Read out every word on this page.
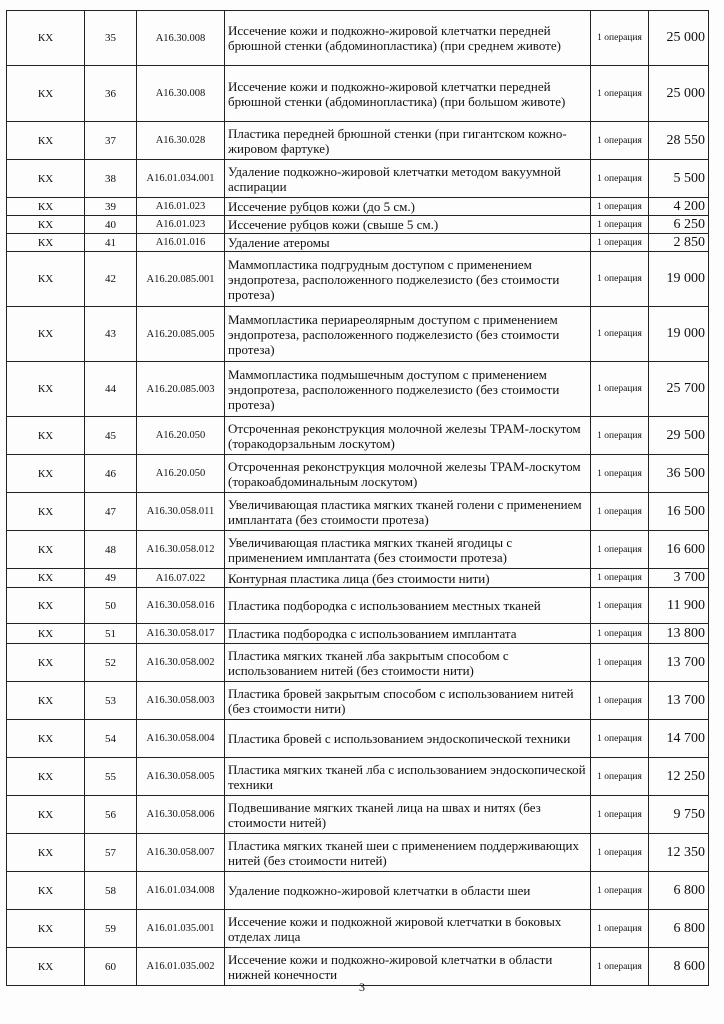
КХ	35	A16.30.008	Иссечение кожи и подкожно-жировой клетчатки передней брюшной стенки (абдоминопластика) (при среднем животе)	1 операция	25 000
КХ	36	A16.30.008	Иссечение кожи и подкожно-жировой клетчатки передней брюшной стенки (абдоминопластика) (при большом животе)	1 операция	25 000
КХ	37	A16.30.028	Пластика передней брюшной стенки (при гигантском кожно-жировом фартуке)	1 операция	28 550
КХ	38	A16.01.034.001	Удаление подкожно-жировой клетчатки методом вакуумной аспирации	1 операция	5 500
КХ	39	A16.01.023	Иссечение рубцов кожи (до 5 см.)	1 операция	4 200
КХ	40	A16.01.023	Иссечение рубцов кожи (свыше 5 см.)	1 операция	6 250
КХ	41	A16.01.016	Удаление атеромы	1 операция	2 850
КХ	42	A16.20.085.001	Маммопластика подгрудным доступом с применением эндопротеза, расположенного поджелезисто (без стоимости протеза)	1 операция	19 000
КХ	43	A16.20.085.005	Маммопластика периареолярным доступом с применением эндопротеза, расположенного поджелезисто (без стоимости протеза)	1 операция	19 000
КХ	44	A16.20.085.003	Маммопластика подмышечным доступом с применением эндопротеза, расположенного поджелезисто (без стоимости протеза)	1 операция	25 700
КХ	45	A16.20.050	Отсроченная реконструкция молочной железы TPAM-лоскутом (торакодорзальным лоскутом)	1 операция	29 500
КХ	46	A16.20.050	Отсроченная реконструкция молочной железы TPAM-лоскутом (торакоабдоминальным лоскутом)	1 операция	36 500
КХ	47	A16.30.058.011	Увеличивающая пластика мягких тканей голени с применением имплантата (без стоимости протеза)	1 операция	16 500
КХ	48	A16.30.058.012	Увеличивающая пластика мягких тканей ягодицы с применением имплантата (без стоимости протеза)	1 операция	16 600
КХ	49	A16.07.022	Контурная пластика лица (без стоимости нити)	1 операция	3 700
КХ	50	A16.30.058.016	Пластика подбородка с использованием местных тканей	1 операция	11 900
КХ	51	A16.30.058.017	Пластика подбородка с использованием имплантата	1 операция	13 800
КХ	52	A16.30.058.002	Пластика мягких тканей лба закрытым способом с использованием нитей (без стоимости нити)	1 операция	13 700
КХ	53	A16.30.058.003	Пластика бровей закрытым способом с использованием нитей (без стоимости нити)	1 операция	13 700
КХ	54	A16.30.058.004	Пластика бровей с использованием эндоскопической техники	1 операция	14 700
КХ	55	A16.30.058.005	Пластика мягких тканей лба с использованием эндоскопической техники	1 операция	12 250
КХ	56	A16.30.058.006	Подвешивание мягких тканей лица на швах и нитях (без стоимости нитей)	1 операция	9 750
КХ	57	A16.30.058.007	Пластика мягких тканей шеи с применением поддерживающих нитей (без стоимости нитей)	1 операция	12 350
КХ	58	A16.01.034.008	Удаление подкожно-жировой клетчатки в области шеи	1 операция	6 800
КХ	59	A16.01.035.001	Иссечение кожи и подкожной жировой клетчатки в боковых отделах лица	1 операция	6 800
КХ	60	A16.01.035.002	Иссечение кожи и подкожно-жировой клетчатки в области нижней конечности	1 операция	8 600
3
